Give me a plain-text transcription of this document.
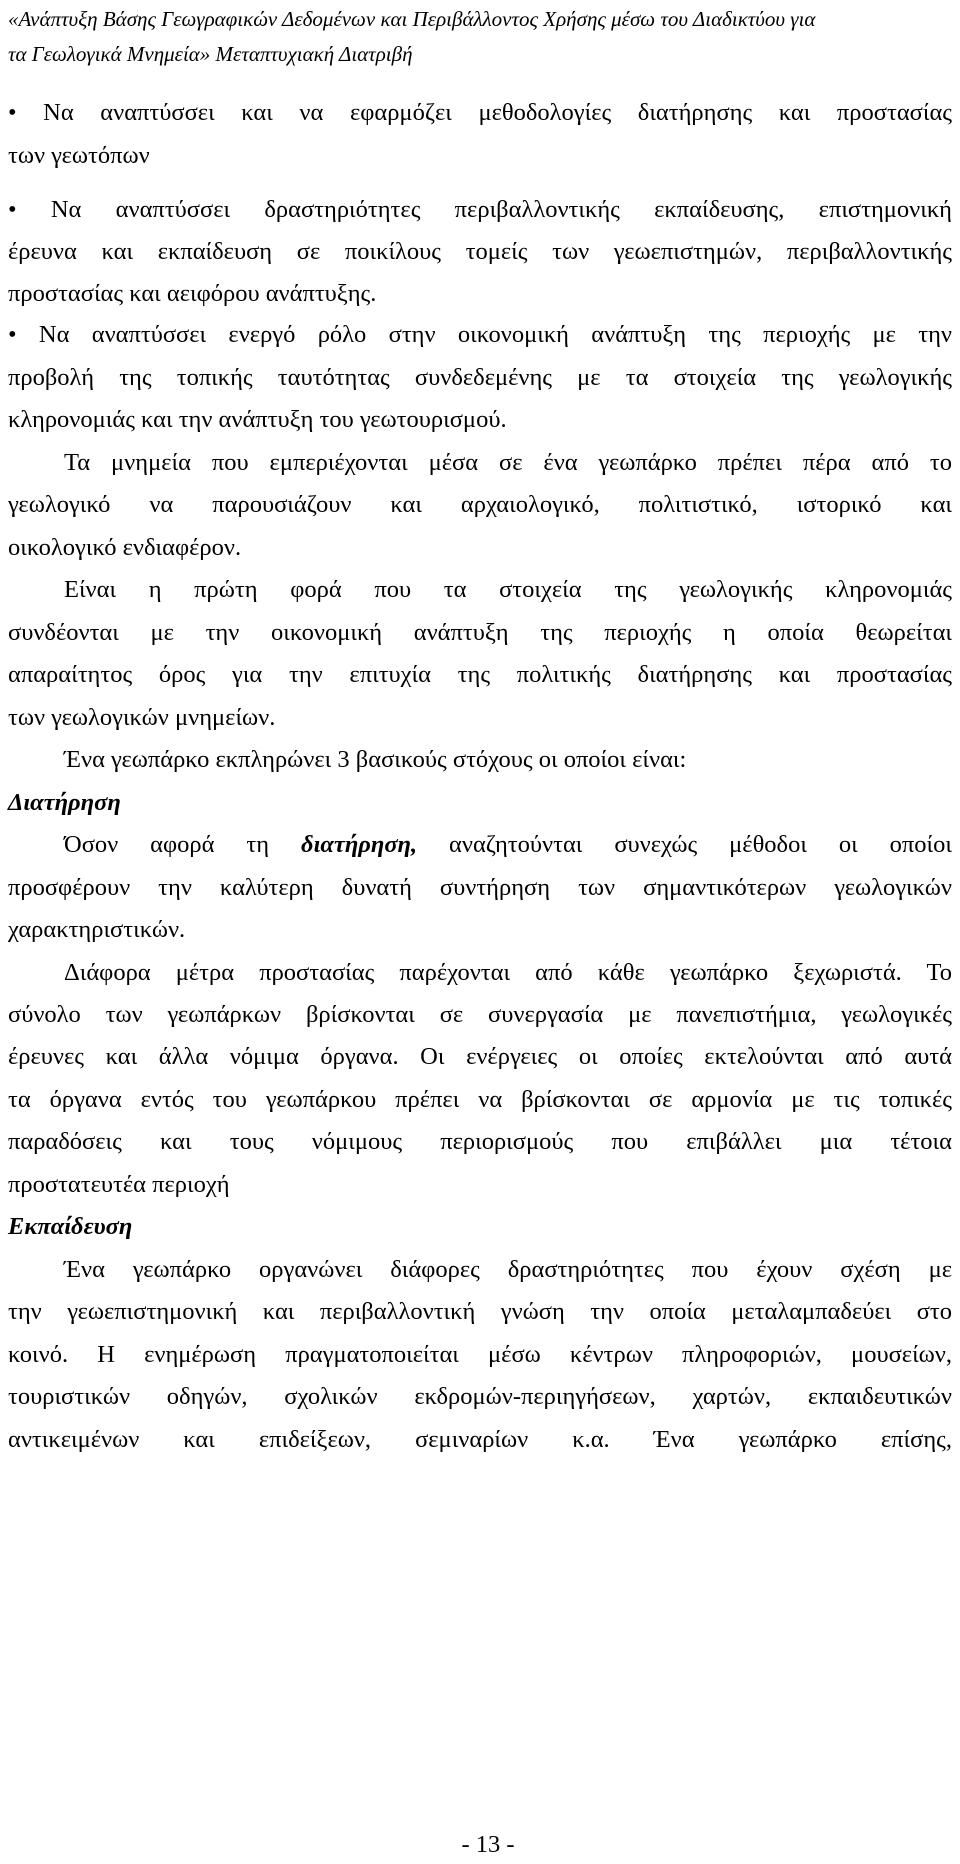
«Ανάπτυξη Βάσης Γεωγραφικών Δεδομένων και Περιβάλλοντος Χρήσης μέσω του Διαδικτύου για
τα Γεωλογικά Μνημεία» Μεταπτυχιακή Διατριβή
• Να αναπτύσσει και να εφαρμόζει μεθοδολογίες διατήρησης και προστασίας
των γεωτόπων
• Να αναπτύσσει δραστηριότητες περιβαλλοντικής εκπαίδευσης, επιστημονική
έρευνα και εκπαίδευση σε ποικίλους τομείς των γεωεπιστημών, περιβαλλοντικής
προστασίας και αειφόρου ανάπτυξης.
• Να αναπτύσσει ενεργό ρόλο στην οικονομική ανάπτυξη της περιοχής με την
προβολή της τοπικής ταυτότητας συνδεδεμένης με τα στοιχεία της γεωλογικής
κληρονομιάς και την ανάπτυξη του γεωτουρισμού.
Τα μνημεία που εμπεριέχονται μέσα σε ένα γεωπάρκο πρέπει πέρα από το
γεωλογικό να παρουσιάζουν και αρχαιολογικό, πολιτιστικό, ιστορικό και
οικολογικό ενδιαφέρον.
Είναι η πρώτη φορά που τα στοιχεία της γεωλογικής κληρονομιάς
συνδέονται με την οικονομική ανάπτυξη της περιοχής η οποία θεωρείται
απαραίτητος όρος για την επιτυχία της πολιτικής διατήρησης και προστασίας
των γεωλογικών μνημείων.
Ένα γεωπάρκο εκπληρώνει 3 βασικούς στόχους οι οποίοι είναι:
Διατήρηση
Όσον αφορά τη διατήρηση, αναζητούνται συνεχώς μέθοδοι οι οποίοι
προσφέρουν την καλύτερη δυνατή συντήρηση των σημαντικότερων γεωλογικών
χαρακτηριστικών.
Διάφορα μέτρα προστασίας παρέχονται από κάθε γεωπάρκο ξεχωριστά. Το
σύνολο των γεωπάρκων βρίσκονται σε συνεργασία με πανεπιστήμια, γεωλογικές
έρευνες και άλλα νόμιμα όργανα. Οι ενέργειες οι οποίες εκτελούνται από αυτά
τα όργανα εντός του γεωπάρκου πρέπει να βρίσκονται σε αρμονία με τις τοπικές
παραδόσεις και τους νόμιμους περιορισμούς που επιβάλλει μια τέτοια
προστατευτέα περιοχή
Εκπαίδευση
Ένα γεωπάρκο οργανώνει διάφορες δραστηριότητες που έχουν σχέση με
την γεωεπιστημονική και περιβαλλοντική γνώση την οποία μεταλαμπαδεύει στο
κοινό. Η ενημέρωση πραγματοποιείται μέσω κέντρων πληροφοριών, μουσείων,
τουριστικών οδηγών, σχολικών εκδρομών-περιηγήσεων, χαρτών, εκπαιδευτικών
αντικειμένων και επιδείξεων, σεμιναρίων κ.α. Ένα γεωπάρκο επίσης,
- 13 -
